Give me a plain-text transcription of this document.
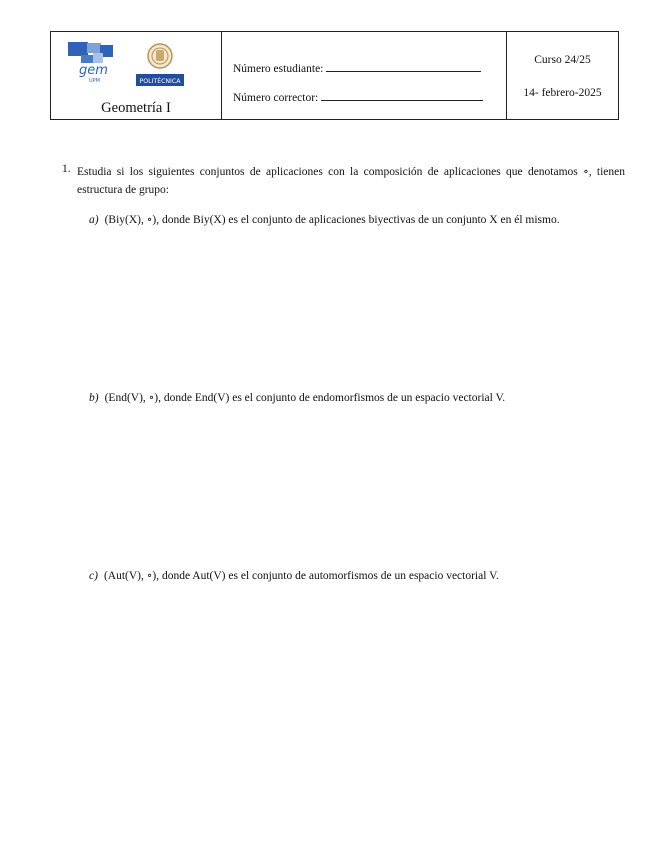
gem
UPM	POLITÉCNICA
Geometría I
Número estudiante:
Número corrector:
Curso 24/25
14- febrero-2025
1. Estudia si los siguientes conjuntos de aplicaciones con la composición de aplicaciones que denotamos ∘, tienen estructura de grupo:
a) (Biy(X), ∘), donde Biy(X) es el conjunto de aplicaciones biyectivas de un conjunto X en él mismo.
b) (End(V), ∘), donde End(V) es el conjunto de endomorfismos de un espacio vectorial V.
c) (Aut(V), ∘), donde Aut(V) es el conjunto de automorfismos de un espacio vectorial V.
